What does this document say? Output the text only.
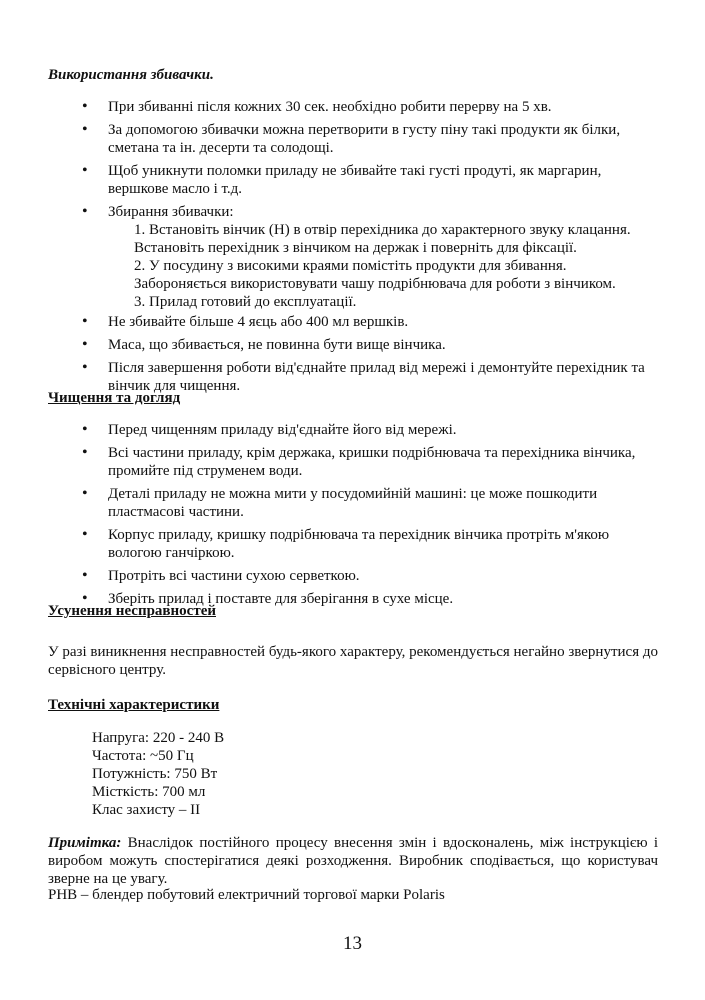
Використання збивачки.
• При збиванні після кожних 30 сек. необхідно робити перерву на 5 хв.
• За допомогою збивачки можна перетворити в густу піну такі продукти як білки, сметана та ін. десерти та солодощі.
• Щоб уникнути поломки приладу не збивайте такі густі продуті, як маргарин, вершкове масло і т.д.
• Збирання збивачки:
1. Встановіть вінчик (H) в отвір перехідника до характерного звуку клацання.
Встановіть перехідник з вінчиком на держак і поверніть для фіксації.
2. У посудину з високими краями помістіть продукти для збивання.
Забороняється використовувати чашу подрібнювача для роботи з вінчиком.
3. Прилад готовий до експлуатації.
• Не збивайте більше 4 яєць або 400 мл вершків.
• Маса, що збивається, не повинна бути вище вінчика.
• Після завершення роботи від'єднайте прилад від мережі і демонтуйте перехідник та вінчик для чищення.
Чищення та догляд
• Перед чищенням приладу від'єднайте його від мережі.
• Всі частини приладу, крім держака, кришки подрібнювача та перехідника вінчика, промийте під струменем води.
• Деталі приладу не можна мити у посудомийній машині: це може пошкодити пластмасові частини.
• Корпус приладу, кришку подрібнювача та перехідник вінчика протріть м'якою вологою ганчіркою.
• Протріть всі частини сухою серветкою.
• Зберіть прилад і поставте для зберігання в сухе місце.
Усунення несправностей
У разі виникнення несправностей будь-якого характеру, рекомендується негайно звернутися до сервісного центру.
Технічні характеристики
Напруга: 220 - 240 В
Частота: ~50 Гц
Потужність: 750 Вт
Місткість: 700 мл
Клас захисту – II
Примітка: Внаслідок постійного процесу внесення змін і вдосконалень, між інструкцією і виробом можуть спостерігатися деякі розходження. Виробник сподівається, що користувач зверне на це увагу.
PHB – блендер побутовий електричний торгової марки Polaris
13
